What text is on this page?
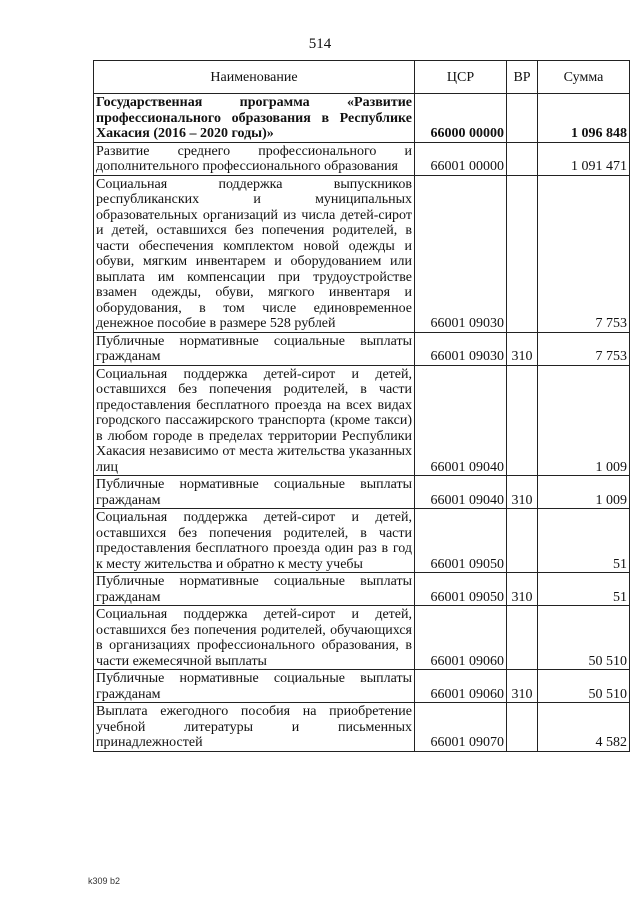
514
Наименование	ЦСР	ВР	Сумма
Государственная программа «Развитие профессионального образования в Республике Хакасия (2016 – 2020 годы)»	66000 00000		1 096 848
Развитие среднего профессионального и дополнительного профессионального образования	66001 00000		1 091 471
Социальная поддержка выпускников республиканских и муниципальных образовательных организаций из числа детей-сирот и детей, оставшихся без попечения родителей, в части обеспечения комплектом новой одежды и обуви, мягким инвентарем и оборудованием или выплата им компенсации при трудоустройстве взамен одежды, обуви, мягкого инвентаря и оборудования, в том числе единовременное денежное пособие в размере 528 рублей	66001 09030		7 753
Публичные нормативные социальные выплаты гражданам	66001 09030	310	7 753
Социальная поддержка детей-сирот и детей, оставшихся без попечения родителей, в части предоставления бесплатного проезда на всех видах городского пассажирского транспорта (кроме такси) в любом городе в пределах территории Республики Хакасия независимо от места жительства указанных лиц	66001 09040		1 009
Публичные нормативные социальные выплаты гражданам	66001 09040	310	1 009
Социальная поддержка детей-сирот и детей, оставшихся без попечения родителей, в части предоставления бесплатного проезда один раз в год к месту жительства и обратно к месту учебы	66001 09050		51
Публичные нормативные социальные выплаты гражданам	66001 09050	310	51
Социальная поддержка детей-сирот и детей, оставшихся без попечения родителей, обучающихся в организациях профессионального образования, в части ежемесячной выплаты	66001 09060		50 510
Публичные нормативные социальные выплаты гражданам	66001 09060	310	50 510
Выплата ежегодного пособия на приобретение учебной литературы и письменных принадлежностей	66001 09070		4 582
k309 b2
